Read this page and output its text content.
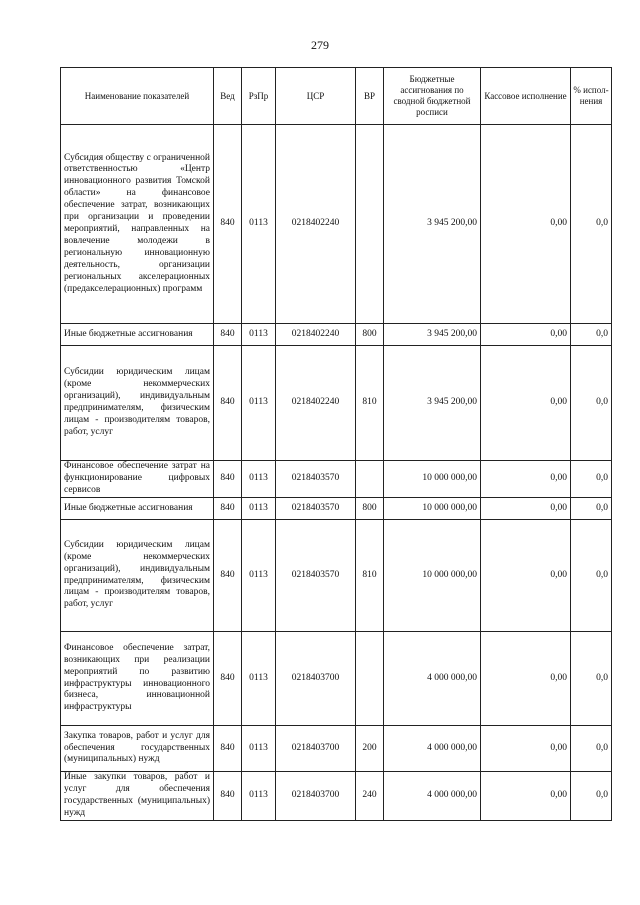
279
Наименование показателей	Вед	РзПр	ЦСР	ВР	Бюджетные ассигнования по сводной бюджетной росписи	Кассовое исполнение	% испол-нения
Субсидия обществу с ограниченной ответственностью «Центр инновационного развития Томской области» на финансовое обеспечение затрат, возникающих при организации и проведении мероприятий, направленных на вовлечение молодежи в региональную инновационную деятельность, организации региональных акселерационных (предакселерационных) программ	840	0113	0218402240		3 945 200,00	0,00	0,0
Иные бюджетные ассигнования	840	0113	0218402240	800	3 945 200,00	0,00	0,0
Субсидии юридическим лицам (кроме некоммерческих организаций), индивидуальным предпринимателям, физическим лицам - производителям товаров, работ, услуг	840	0113	0218402240	810	3 945 200,00	0,00	0,0
Финансовое обеспечение затрат на функционирование цифровых сервисов	840	0113	0218403570		10 000 000,00	0,00	0,0
Иные бюджетные ассигнования	840	0113	0218403570	800	10 000 000,00	0,00	0,0
Субсидии юридическим лицам (кроме некоммерческих организаций), индивидуальным предпринимателям, физическим лицам - производителям товаров, работ, услуг	840	0113	0218403570	810	10 000 000,00	0,00	0,0
Финансовое обеспечение затрат, возникающих при реализации мероприятий по развитию инфраструктуры инновационного бизнеса, инновационной инфраструктуры	840	0113	0218403700		4 000 000,00	0,00	0,0
Закупка товаров, работ и услуг для обеспечения государственных (муниципальных) нужд	840	0113	0218403700	200	4 000 000,00	0,00	0,0
Иные закупки товаров, работ и услуг для обеспечения государственных (муниципальных) нужд	840	0113	0218403700	240	4 000 000,00	0,00	0,0
